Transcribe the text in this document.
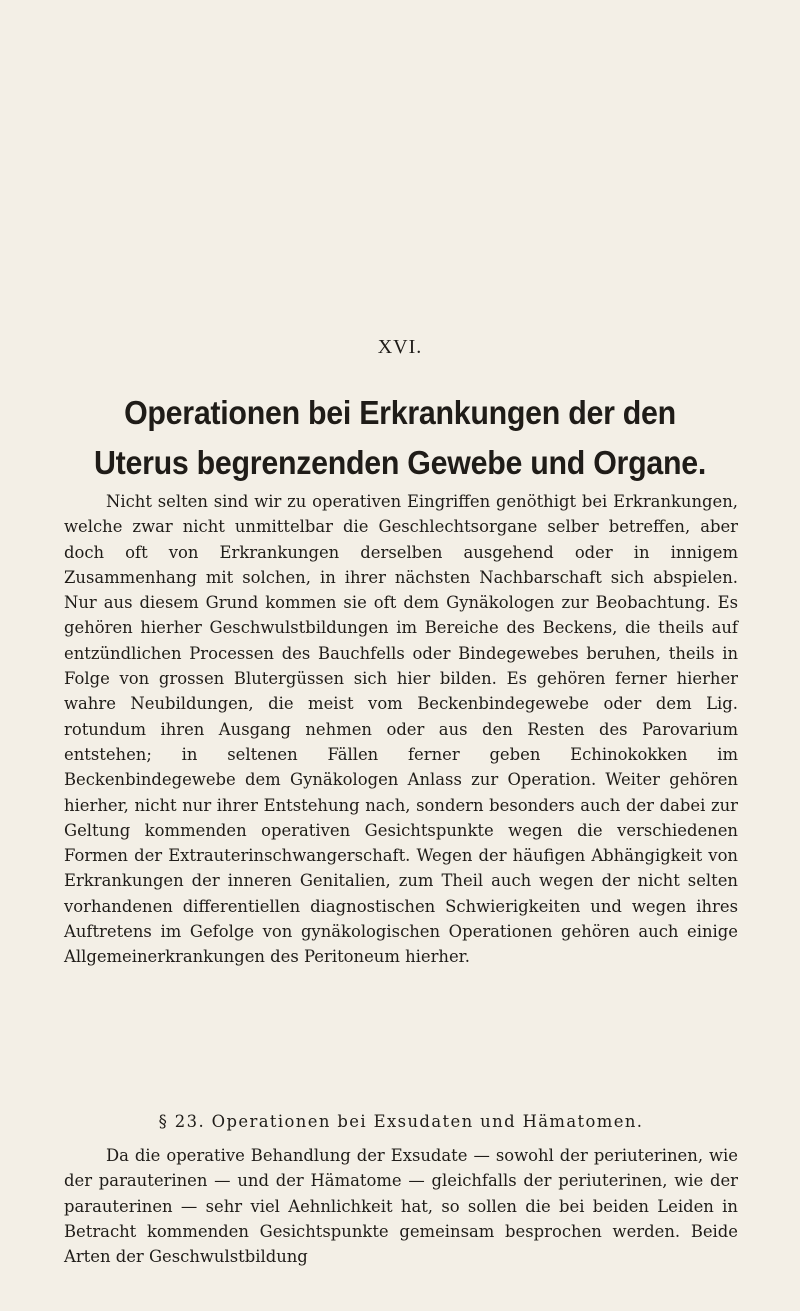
XVI.
Operationen bei Erkrankungen der den Uterus begrenzenden Gewebe und Organe.

Nicht selten sind wir zu operativen Eingriffen genöthigt bei Erkrankungen, welche zwar nicht unmittelbar die Geschlechtsorgane selber betreffen, aber doch oft von Erkrankungen derselben ausgehend oder in innigem Zusammenhang mit solchen, in ihrer nächsten Nachbarschaft sich abspielen. Nur aus diesem Grund kommen sie oft dem Gynäkologen zur Beobachtung. Es gehören hierher Geschwulstbildungen im Bereiche des Beckens, die theils auf entzündlichen Processen des Bauchfells oder Bindegewebes beruhen, theils in Folge von grossen Blutergüssen sich hier bilden. Es gehören ferner hierher wahre Neubildungen, die meist vom Beckenbindegewebe oder dem Lig. rotundum ihren Ausgang nehmen oder aus den Resten des Parovarium entstehen; in seltenen Fällen ferner geben Echinokokken im Beckenbindegewebe dem Gynäkologen Anlass zur Operation. Weiter gehören hierher, nicht nur ihrer Entstehung nach, sondern besonders auch der dabei zur Geltung kommenden operativen Gesichtspunkte wegen die verschiedenen Formen der Extrauterinschwangerschaft. Wegen der häufigen Abhängigkeit von Erkrankungen der inneren Genitalien, zum Theil auch wegen der nicht selten vorhandenen differentiellen diagnostischen Schwierigkeiten und wegen ihres Auftretens im Gefolge von gynäkologischen Operationen gehören auch einige Allgemeinerkrankungen des Peritoneum hierher.

§ 23. Operationen bei Exsudaten und Hämatomen.

Da die operative Behandlung der Exsudate — sowohl der periuterinen, wie der parauterinen — und der Hämatome — gleichfalls der periuterinen, wie der parauterinen — sehr viel Aehnlichkeit hat, so sollen die bei beiden Leiden in Betracht kommenden Gesichtspunkte gemeinsam besprochen werden. Beide Arten der Geschwulstbildung
